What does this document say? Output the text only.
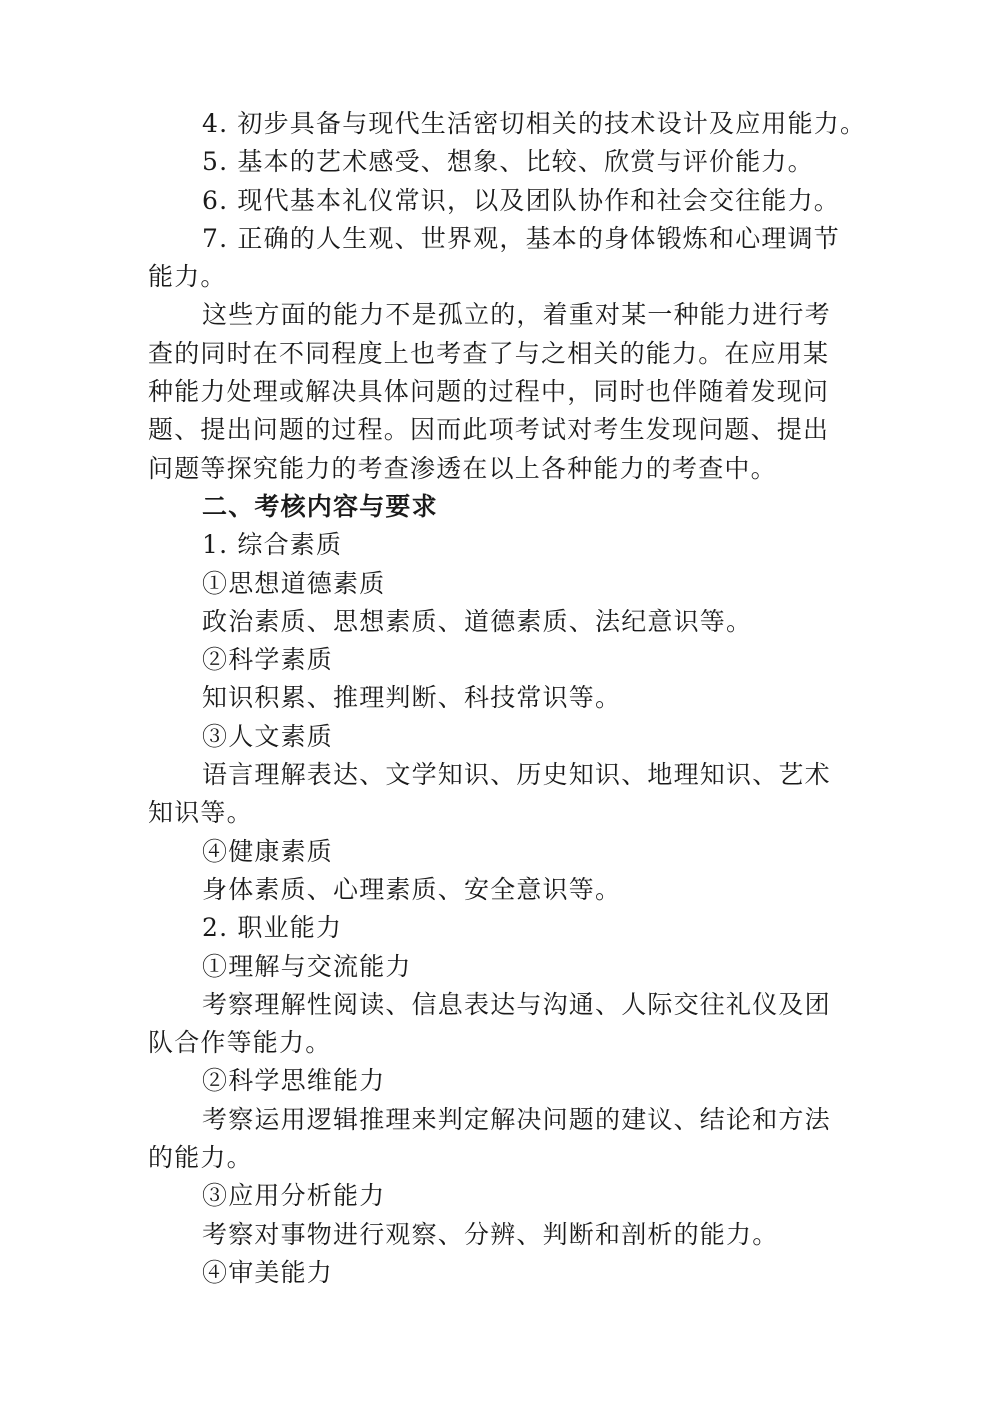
4. 初步具备与现代生活密切相关的技术设计及应用能力。

5. 基本的艺术感受、想象、比较、欣赏与评价能力。

6. 现代基本礼仪常识，以及团队协作和社会交往能力。

7. 正确的人生观、世界观，基本的身体锻炼和心理调节

能力。

这些方面的能力不是孤立的，着重对某一种能力进行考

查的同时在不同程度上也考查了与之相关的能力。在应用某

种能力处理或解决具体问题的过程中，同时也伴随着发现问

题、提出问题的过程。因而此项考试对考生发现问题、提出

问题等探究能力的考查渗透在以上各种能力的考查中。

二、考核内容与要求

1. 综合素质

①思想道德素质

政治素质、思想素质、道德素质、法纪意识等。

②科学素质

知识积累、推理判断、科技常识等。

③人文素质

语言理解表达、文学知识、历史知识、地理知识、艺术

知识等。

④健康素质

身体素质、心理素质、安全意识等。

2. 职业能力

①理解与交流能力

考察理解性阅读、信息表达与沟通、人际交往礼仪及团

队合作等能力。

②科学思维能力

考察运用逻辑推理来判定解决问题的建议、结论和方法

的能力。

③应用分析能力

考察对事物进行观察、分辨、判断和剖析的能力。

④审美能力
